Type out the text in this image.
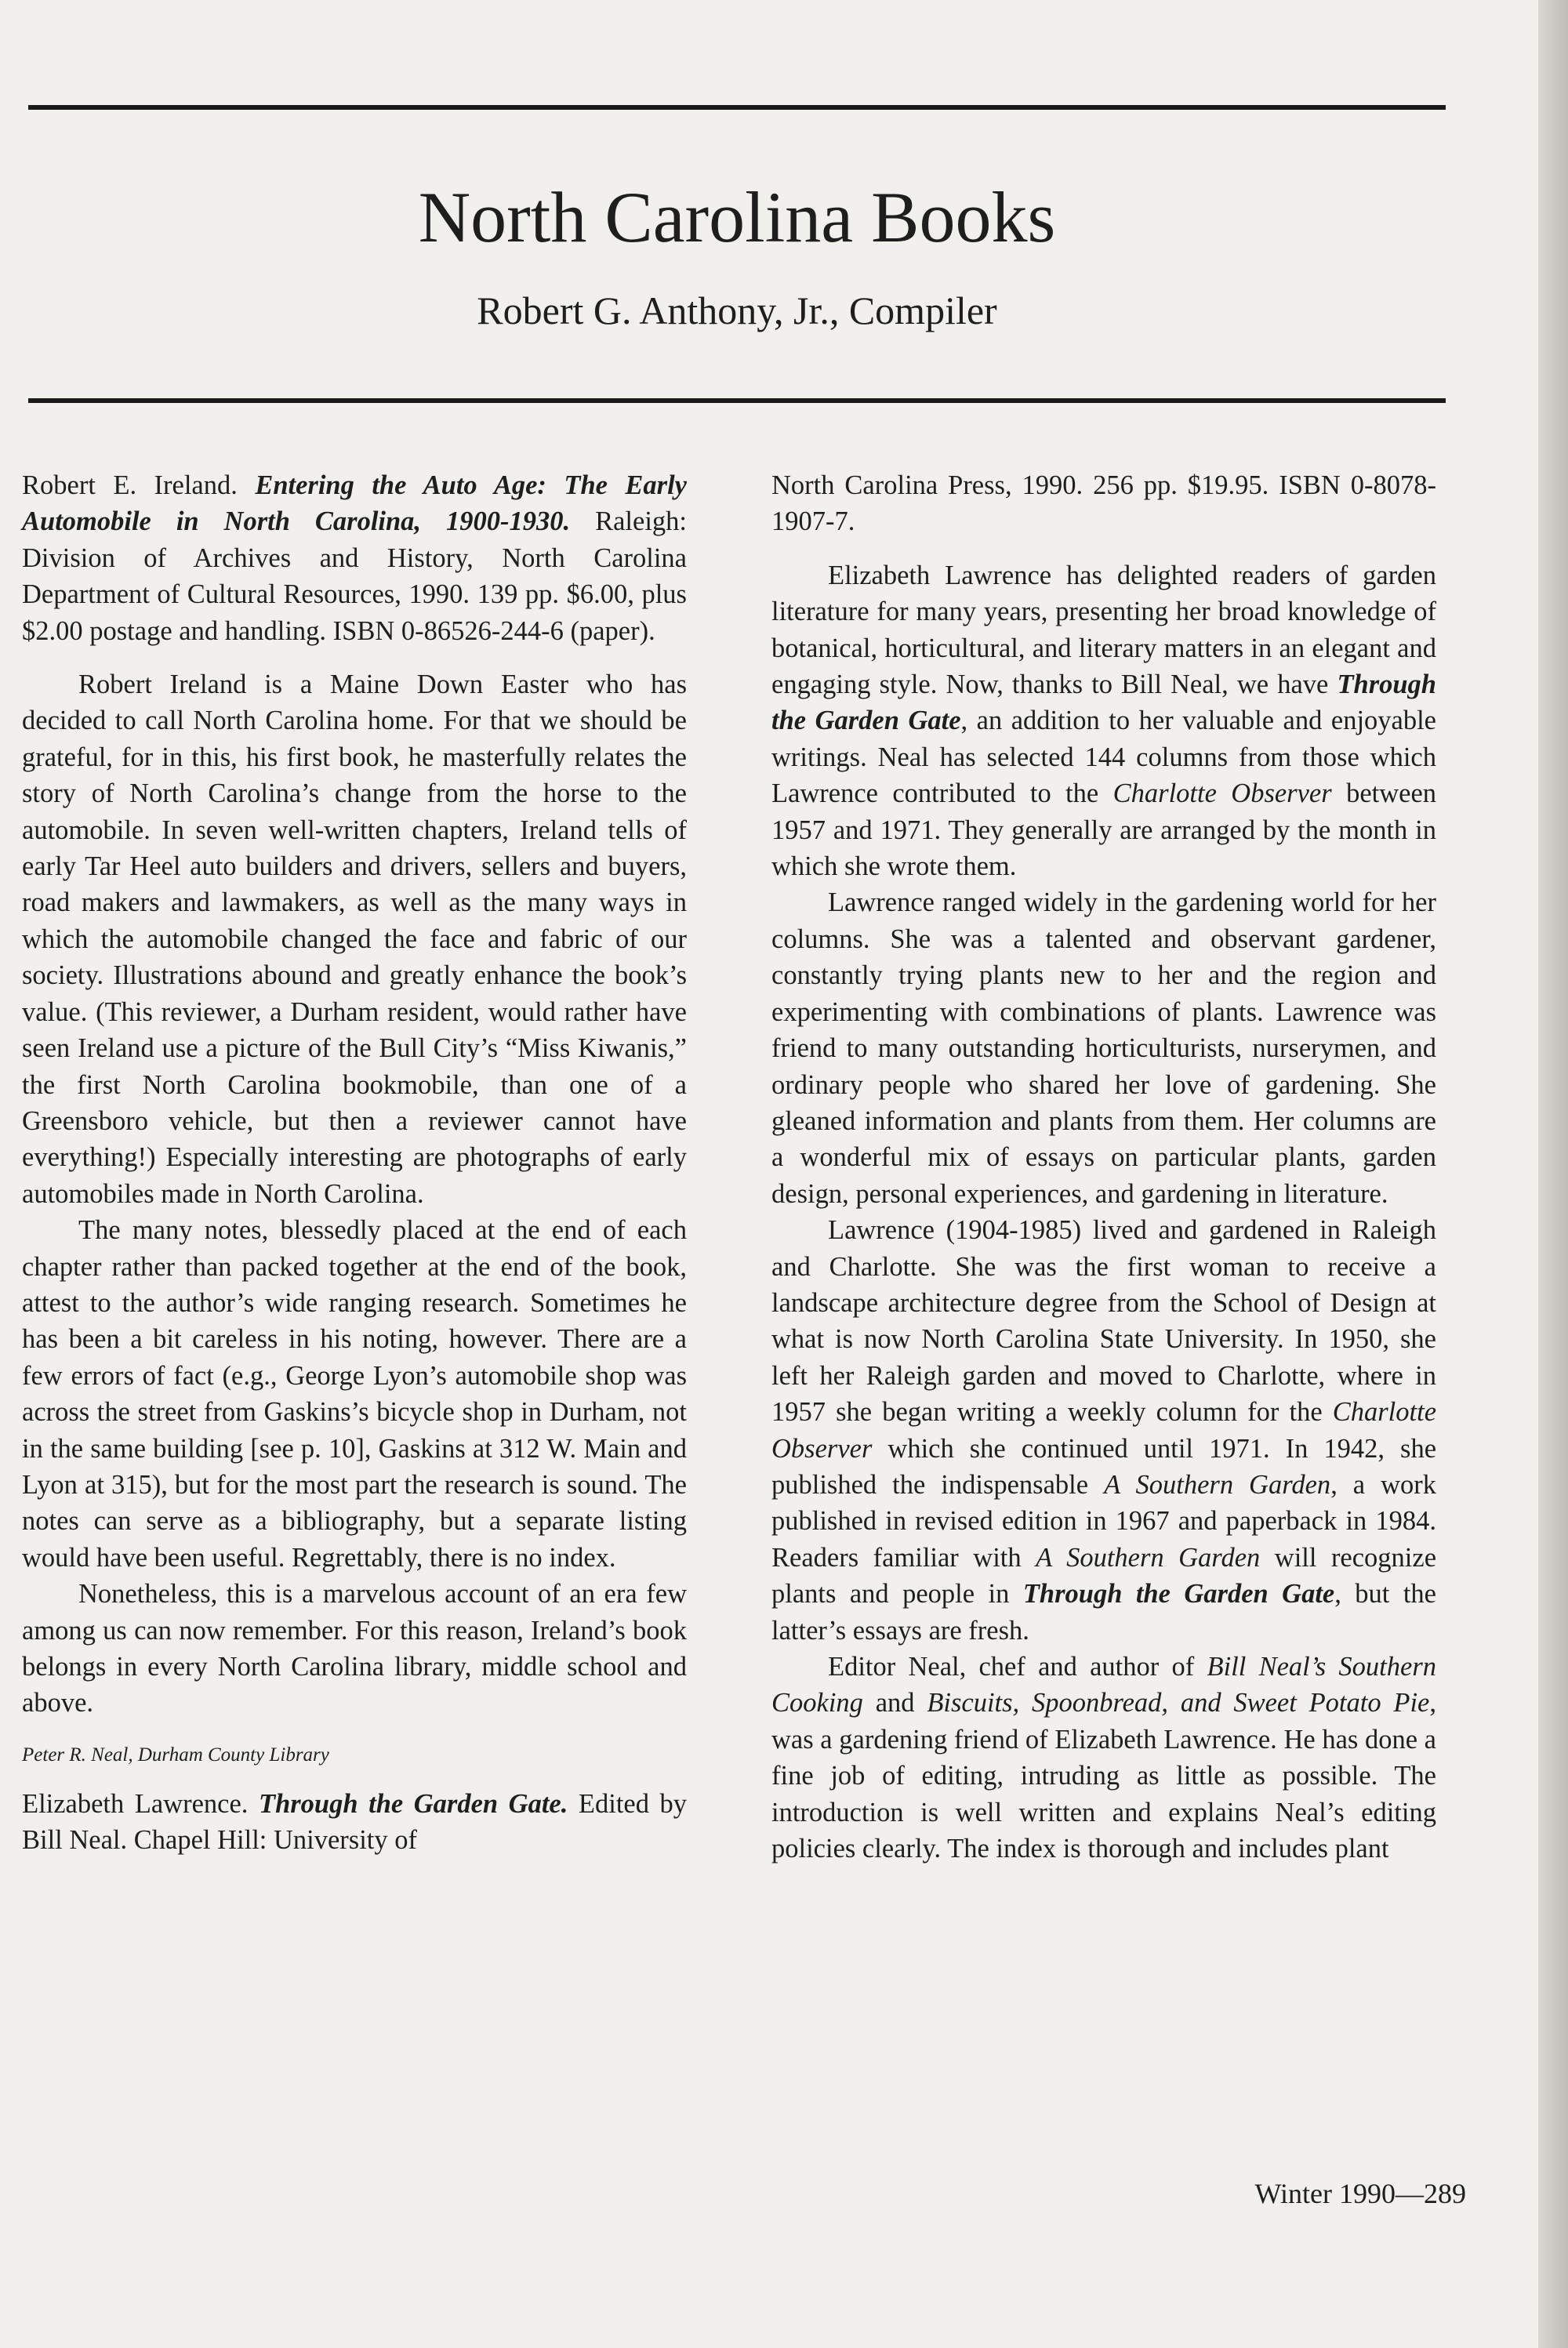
North Carolina Books

Robert G. Anthony, Jr., Compiler

Robert E. Ireland. Entering the Auto Age: The Early Automobile in North Carolina, 1900-1930. Raleigh: Division of Archives and History, North Carolina Department of Cultural Resources, 1990. 139 pp. $6.00, plus $2.00 postage and handling. ISBN 0-86526-244-6 (paper).

Robert Ireland is a Maine Down Easter who has decided to call North Carolina home. For that we should be grateful, for in this, his first book, he masterfully relates the story of North Carolina’s change from the horse to the automobile. In seven well-written chapters, Ireland tells of early Tar Heel auto builders and drivers, sellers and buyers, road makers and lawmakers, as well as the many ways in which the automobile changed the face and fabric of our society. Illustrations abound and greatly enhance the book’s value. (This reviewer, a Durham resident, would rather have seen Ireland use a picture of the Bull City’s “Miss Kiwanis,” the first North Carolina bookmobile, than one of a Greensboro vehicle, but then a reviewer cannot have everything!) Especially interesting are photographs of early automobiles made in North Carolina.

The many notes, blessedly placed at the end of each chapter rather than packed together at the end of the book, attest to the author’s wide ranging research. Sometimes he has been a bit careless in his noting, however. There are a few errors of fact (e.g., George Lyon’s automobile shop was across the street from Gaskins’s bicycle shop in Durham, not in the same building [see p. 10], Gaskins at 312 W. Main and Lyon at 315), but for the most part the research is sound. The notes can serve as a bibliography, but a separate listing would have been useful. Regrettably, there is no index.

Nonetheless, this is a marvelous account of an era few among us can now remember. For this reason, Ireland’s book belongs in every North Carolina library, middle school and above.

Peter R. Neal, Durham County Library

Elizabeth Lawrence. Through the Garden Gate. Edited by Bill Neal. Chapel Hill: University of

North Carolina Press, 1990. 256 pp. $19.95. ISBN 0-8078-1907-7.

Elizabeth Lawrence has delighted readers of garden literature for many years, presenting her broad knowledge of botanical, horticultural, and literary matters in an elegant and engaging style. Now, thanks to Bill Neal, we have Through the Garden Gate, an addition to her valuable and enjoyable writings. Neal has selected 144 columns from those which Lawrence contributed to the Charlotte Observer between 1957 and 1971. They generally are arranged by the month in which she wrote them.

Lawrence ranged widely in the gardening world for her columns. She was a talented and observant gardener, constantly trying plants new to her and the region and experimenting with combinations of plants. Lawrence was friend to many outstanding horticulturists, nurserymen, and ordinary people who shared her love of gardening. She gleaned information and plants from them. Her columns are a wonderful mix of essays on particular plants, garden design, personal experiences, and gardening in literature.

Lawrence (1904-1985) lived and gardened in Raleigh and Charlotte. She was the first woman to receive a landscape architecture degree from the School of Design at what is now North Carolina State University. In 1950, she left her Raleigh garden and moved to Charlotte, where in 1957 she began writing a weekly column for the Charlotte Observer which she continued until 1971. In 1942, she published the indispensable A Southern Garden, a work published in revised edition in 1967 and paperback in 1984. Readers familiar with A Southern Garden will recognize plants and people in Through the Garden Gate, but the latter’s essays are fresh.

Editor Neal, chef and author of Bill Neal’s Southern Cooking and Biscuits, Spoonbread, and Sweet Potato Pie, was a gardening friend of Elizabeth Lawrence. He has done a fine job of editing, intruding as little as possible. The introduction is well written and explains Neal’s editing policies clearly. The index is thorough and includes plant

Winter 1990—289
